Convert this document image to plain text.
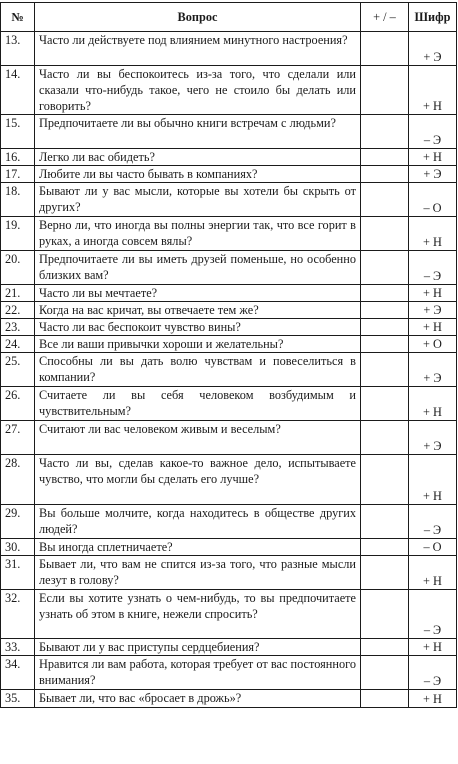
№	Вопрос	+ / –	Шифр
13.	Часто ли действуете под влиянием минутного настроения?		+ Э
14.	Часто ли вы беспокоитесь из-за того, что сделали или сказали что-нибудь такое, чего не стоило бы делать или говорить?		+ Н
15.	Предпочитаете ли вы обычно книги встречам с людьми?		– Э
16.	Легко ли вас обидеть?		+ Н
17.	Любите ли вы часто бывать в компаниях?		+ Э
18.	Бывают ли у вас мысли, которые вы хотели бы скрыть от других?		– О
19.	Верно ли, что иногда вы полны энергии так, что все горит в руках, а иногда совсем вялы?		+ Н
20.	Предпочитаете ли вы иметь друзей поменьше, но особенно близких вам?		– Э
21.	Часто ли вы мечтаете?		+ Н
22.	Когда на вас кричат, вы отвечаете тем же?		+ Э
23.	Часто ли вас беспокоит чувство вины?		+ Н
24.	Все ли ваши привычки хороши и желательны?		+ О
25.	Способны ли вы дать волю чувствам и повеселиться в компании?		+ Э
26.	Считаете ли вы себя человеком возбудимым и чувствительным?		+ Н
27.	Считают ли вас человеком живым и веселым?		+ Э
28.	Часто ли вы, сделав какое-то важное дело, испытываете чувство, что могли бы сделать его лучше?		+ Н
29.	Вы больше молчите, когда находитесь в обществе других людей?		– Э
30.	Вы иногда сплетничаете?		– О
31.	Бывает ли, что вам не спится из-за того, что разные мысли лезут в голову?		+ Н
32.	Если вы хотите узнать о чем-нибудь, то вы предпочитаете узнать об этом в книге, нежели спросить?		– Э
33.	Бывают ли у вас приступы сердцебиения?		+ Н
34.	Нравится ли вам работа, которая требует от вас постоянного внимания?		– Э
35.	Бывает ли, что вас «бросает в дрожь»?		+ Н
